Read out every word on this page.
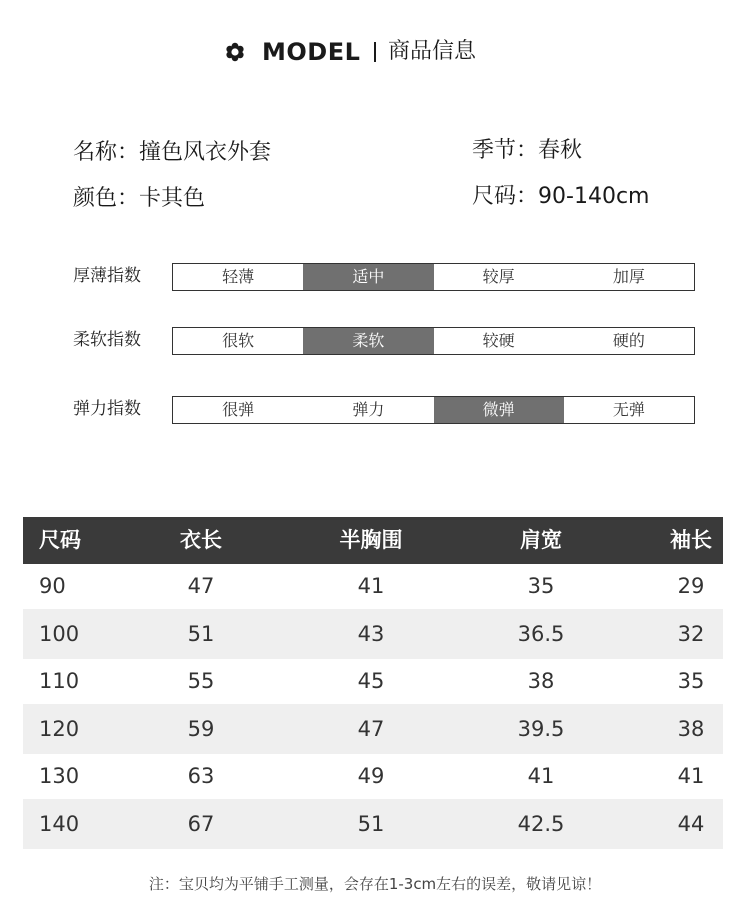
MODEL 商品信息
名称：撞色风衣外套	季节：春秋
颜色：卡其色	尺码：90-140cm
厚薄指数	轻薄	适中	较厚	加厚
柔软指数	很软	柔软	较硬	硬的
弹力指数	很弹	弹力	微弹	无弹
尺码	衣长	半胸围	肩宽	袖长
90	47	41	35	29
100	51	43	36.5	32
110	55	45	38	35
120	59	47	39.5	38
130	63	49	41	41
140	67	51	42.5	44
注：宝贝均为平铺手工测量，会存在1-3cm左右的误差，敬请见谅！
